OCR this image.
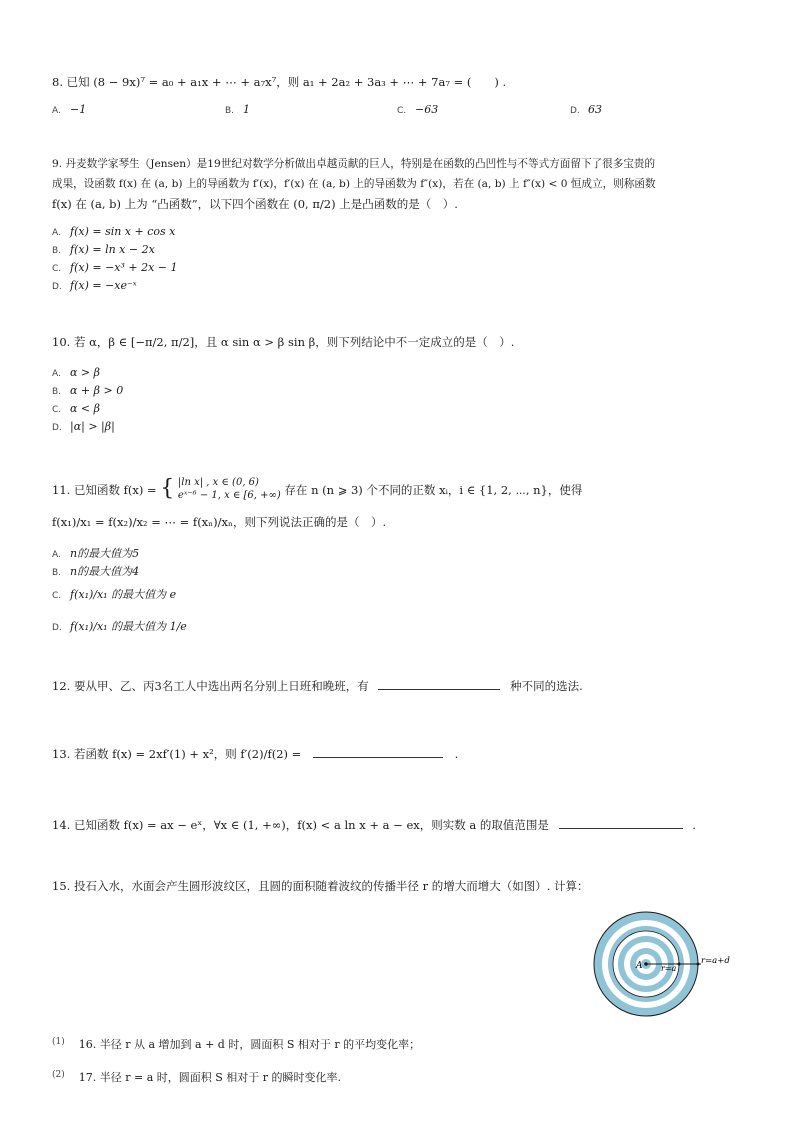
8. 已知 (8 − 9x)⁷ = a₀ + a₁x + ⋯ + a₇x⁷，则 a₁ + 2a₂ + 3a₃ + ⋯ + 7a₇ = (　　) .
A. −1	B. 1	C. −63	D. 63
9. 丹麦数学家琴生（Jensen）是19世纪对数学分析做出卓越贡献的巨人，特别是在函数的凸凹性与不等式方面留下了很多宝贵的
成果，设函数 f(x) 在 (a, b) 上的导函数为 f′(x)，f′(x) 在 (a, b) 上的导函数为 f″(x)，若在 (a, b) 上 f″(x) < 0 恒成立，则称函数
f(x) 在 (a, b) 上为 “凸函数”，以下四个函数在 (0, π/2) 上是凸函数的是（　）.
A. f(x) = sin x + cos x
B. f(x) = ln x − 2x
C. f(x) = −x³ + 2x − 1
D. f(x) = −xe⁻ˣ
10. 若 α，β ∈ [−π/2, π/2]，且 α sin α > β sin β，则下列结论中不一定成立的是（　）.
A. α > β
B. α + β > 0
C. α < β
D. |α| > |β|
11. 已知函数 f(x) = { |ln x| , x ∈ (0, 6)
eˣ⁻⁶ − 1, x ∈ [6, +∞) 存在 n (n ⩾ 3) 个不同的正数 xᵢ，i ∈ {1, 2, ⋯, n}，使得
f(x₁)/x₁ = f(x₂)/x₂ = ⋯ = f(xₙ)/xₙ，则下列说法正确的是（　）.
A. n的最大值为5
B. n的最大值为4
C. f(x₁)/x₁ 的最大值为 e
D. f(x₁)/x₁ 的最大值为 1/e
12. 要从甲、乙、丙3名工人中选出两名分别上日班和晚班，有	种不同的选法.
13. 若函数 f(x) = 2xf′(1) + x²，则 f′(2)/f(2) =	.
14. 已知函数 f(x) = ax − eˣ，∀x ∈ (1, +∞)，f(x) < a ln x + a − ex，则实数 a 的取值范围是	.
15. 投石入水，水面会产生圆形波纹区，且圆的面积随着波纹的传播半径 r 的增大而增大（如图）. 计算：
A r=a
r=a+d
$^{(1)}$ 16. 半径 r 从 a 增加到 a + d 时，圆面积 S 相对于 r 的平均变化率；
$^{(2)}$ 17. 半径 r = a 时，圆面积 S 相对于 r 的瞬时变化率.
